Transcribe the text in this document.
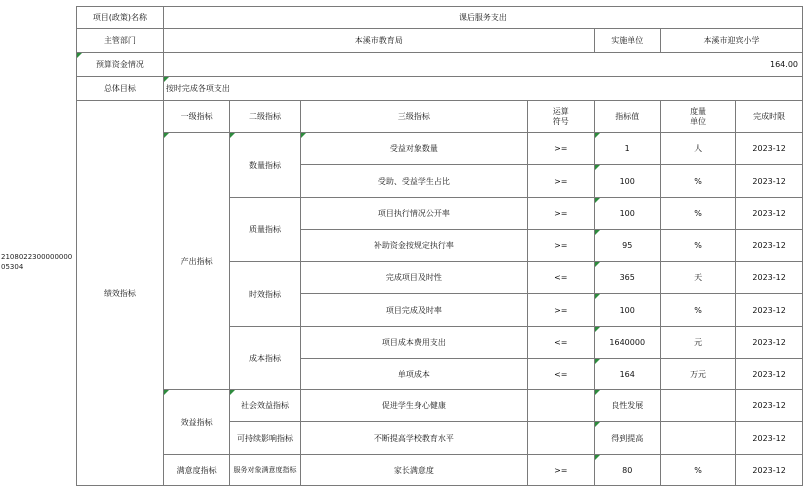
210802230000000005304
项目(政策)名称	课后服务支出						
主管部门	本溪市教育局				实施单位	本溪市迎宾小学	
预算资金情况	164.00						
总体目标	按时完成各项支出						
绩效指标	一级指标	二级指标	三级指标	运算符号	指标值	度量单位	完成时限
	产出指标	数量指标	受益对象数量	>=	1	人	2023-12
			受助、受益学生占比	>=	100	%	2023-12
		质量指标	项目执行情况公开率	>=	100	%	2023-12
			补助资金按规定执行率	>=	95	%	2023-12
		时效指标	完成项目及时性	<=	365	天	2023-12
			项目完成及时率	>=	100	%	2023-12
		成本指标	项目成本费用支出	<=	1640000	元	2023-12
			单项成本	<=	164	万元	2023-12
	效益指标	社会效益指标	促进学生身心健康		良性发展		2023-12
		可持续影响指标	不断提高学校教育水平		得到提高		2023-12
	满意度指标	服务对象满意度指标	家长满意度	>=	80	%	2023-12
